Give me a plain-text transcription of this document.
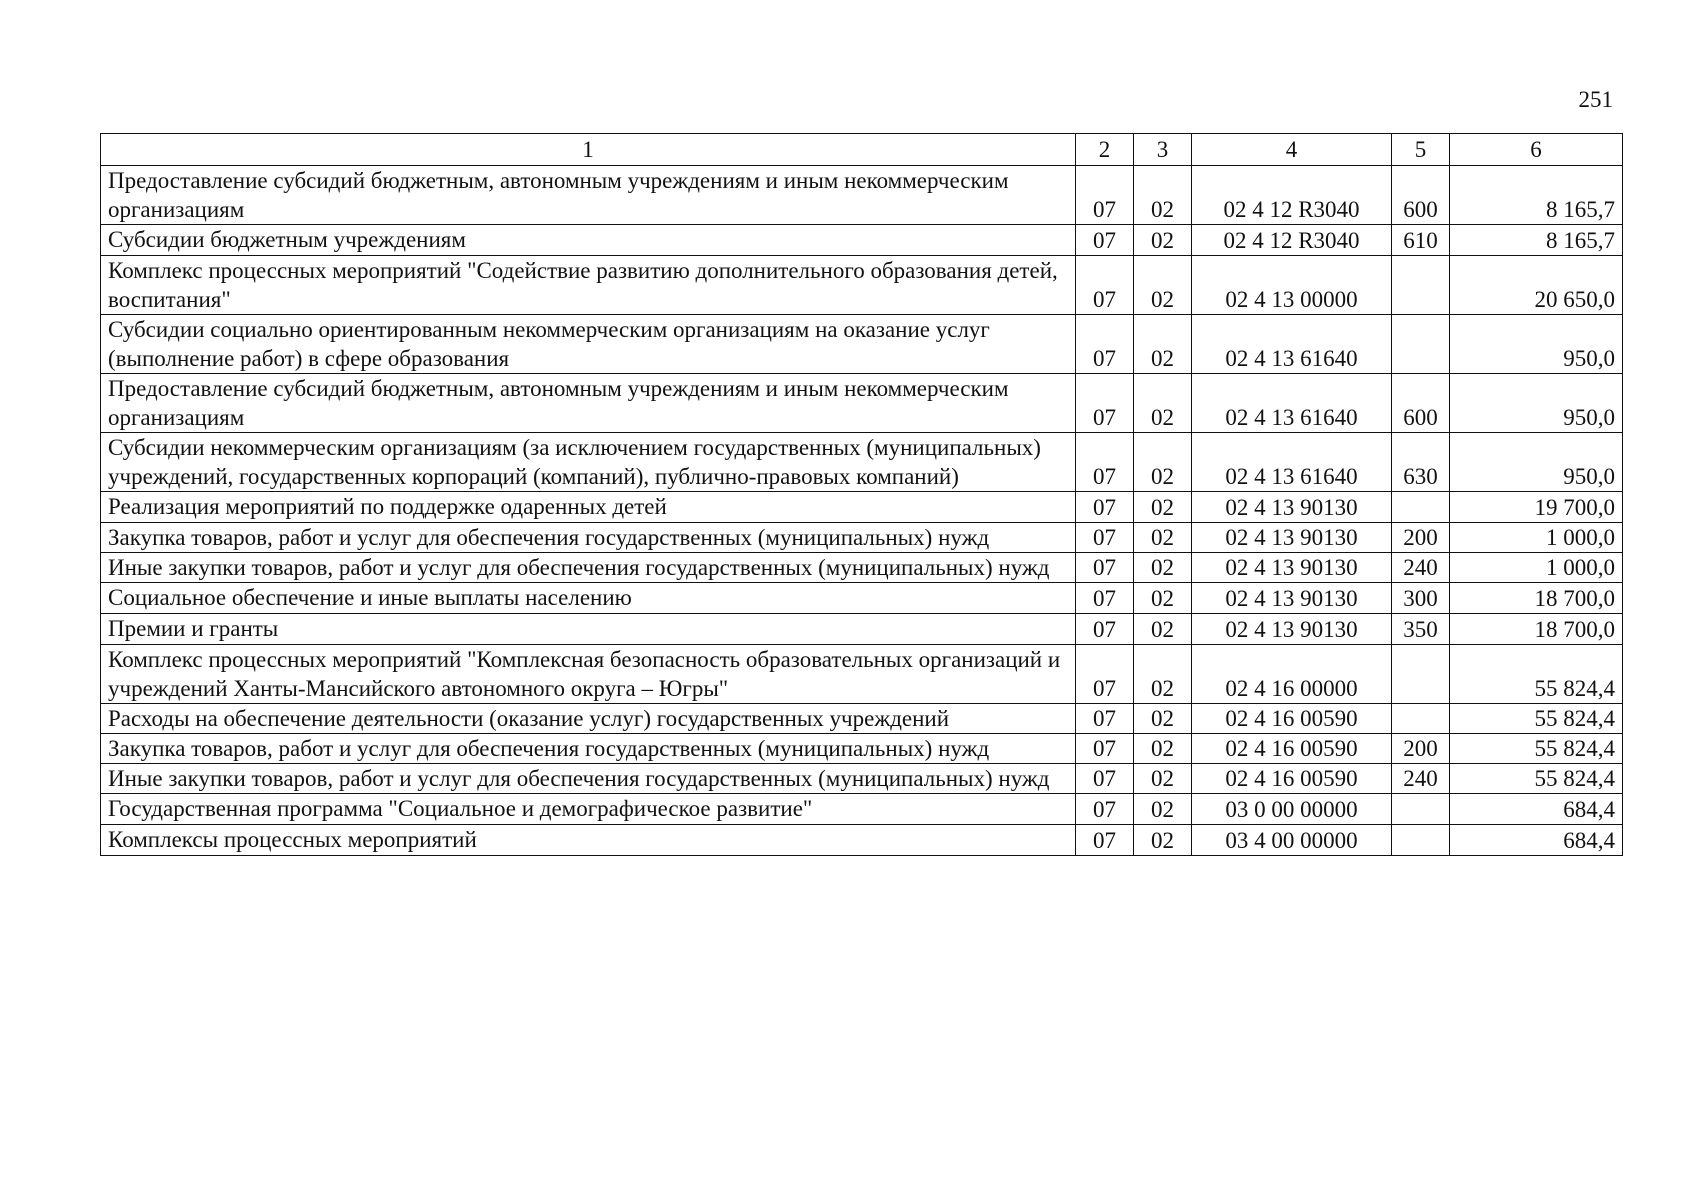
251
1	2	3	4	5	6
Предоставление субсидий бюджетным, автономным учреждениям и иным некоммерческим организациям	07	02	02 4 12 R3040	600	8 165,7
Субсидии бюджетным учреждениям	07	02	02 4 12 R3040	610	8 165,7
Комплекс процессных мероприятий "Содействие развитию дополнительного образования детей, воспитания"	07	02	02 4 13 00000		20 650,0
Субсидии социально ориентированным некоммерческим организациям на оказание услуг (выполнение работ) в сфере образования	07	02	02 4 13 61640		950,0
Предоставление субсидий бюджетным, автономным учреждениям и иным некоммерческим организациям	07	02	02 4 13 61640	600	950,0
Субсидии некоммерческим организациям (за исключением государственных (муниципальных) учреждений, государственных корпораций (компаний), публично-правовых компаний)	07	02	02 4 13 61640	630	950,0
Реализация мероприятий по поддержке одаренных детей	07	02	02 4 13 90130		19 700,0
Закупка товаров, работ и услуг для обеспечения государственных (муниципальных) нужд	07	02	02 4 13 90130	200	1 000,0
Иные закупки товаров, работ и услуг для обеспечения государственных (муниципальных) нужд	07	02	02 4 13 90130	240	1 000,0
Социальное обеспечение и иные выплаты населению	07	02	02 4 13 90130	300	18 700,0
Премии и гранты	07	02	02 4 13 90130	350	18 700,0
Комплекс процессных мероприятий "Комплексная безопасность образовательных организаций и учреждений Ханты-Мансийского автономного округа – Югры"	07	02	02 4 16 00000		55 824,4
Расходы на обеспечение деятельности (оказание услуг) государственных учреждений	07	02	02 4 16 00590		55 824,4
Закупка товаров, работ и услуг для обеспечения государственных (муниципальных) нужд	07	02	02 4 16 00590	200	55 824,4
Иные закупки товаров, работ и услуг для обеспечения государственных (муниципальных) нужд	07	02	02 4 16 00590	240	55 824,4
Государственная программа "Социальное и демографическое развитие"	07	02	03 0 00 00000		684,4
Комплексы процессных мероприятий	07	02	03 4 00 00000		684,4
